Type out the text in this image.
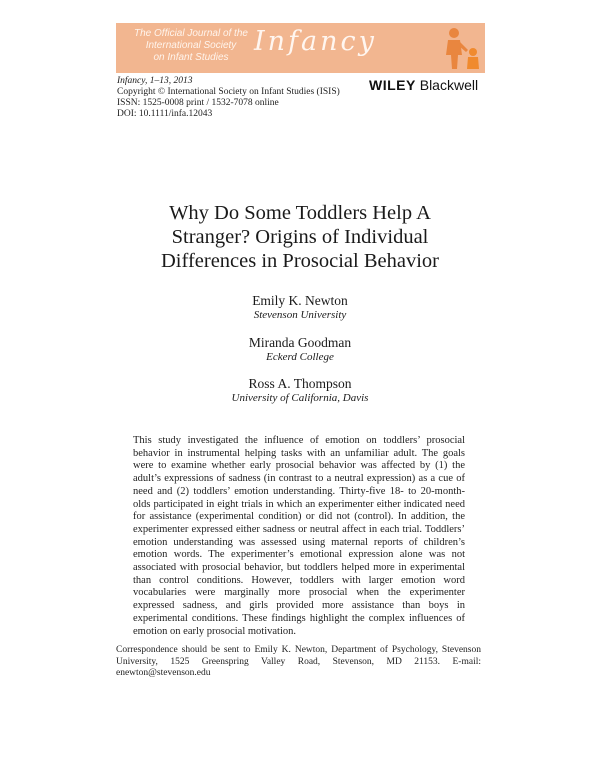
The Official Journal of the
International Society
on Infant Studies
Infancy
Infancy, 1–13, 2013
Copyright © International Society on Infant Studies (ISIS)
ISSN: 1525-0008 print / 1532-7078 online
DOI: 10.1111/infa.12043
WILEY Blackwell
Why Do Some Toddlers Help A
Stranger? Origins of Individual
Differences in Prosocial Behavior
Emily K. Newton
Stevenson University
Miranda Goodman
Eckerd College
Ross A. Thompson
University of California, Davis
This study investigated the influence of emotion on toddlers’ prosocial behavior in instrumental helping tasks with an unfamiliar adult. The goals were to examine whether early prosocial behavior was affected by (1) the adult’s expressions of sadness (in contrast to a neutral expression) as a cue of need and (2) toddlers’ emotion understanding. Thirty-five 18- to 20-month-olds participated in eight trials in which an experimenter either indicated need for assistance (experimental condition) or did not (control). In addition, the experimenter expressed either sadness or neutral affect in each trial. Toddlers’ emotion understanding was assessed using maternal reports of children’s emotion words. The experimenter’s emotional expression alone was not associated with prosocial behavior, but toddlers helped more in experimental than control conditions. However, toddlers with larger emotion word vocabularies were marginally more prosocial when the experimenter expressed sadness, and girls provided more assistance than boys in experimental conditions. These findings highlight the complex influences of emotion on early prosocial motivation.
Correspondence should be sent to Emily K. Newton, Department of Psychology, Stevenson University, 1525 Greenspring Valley Road, Stevenson, MD 21153. E-mail: enewton@stevenson.edu
